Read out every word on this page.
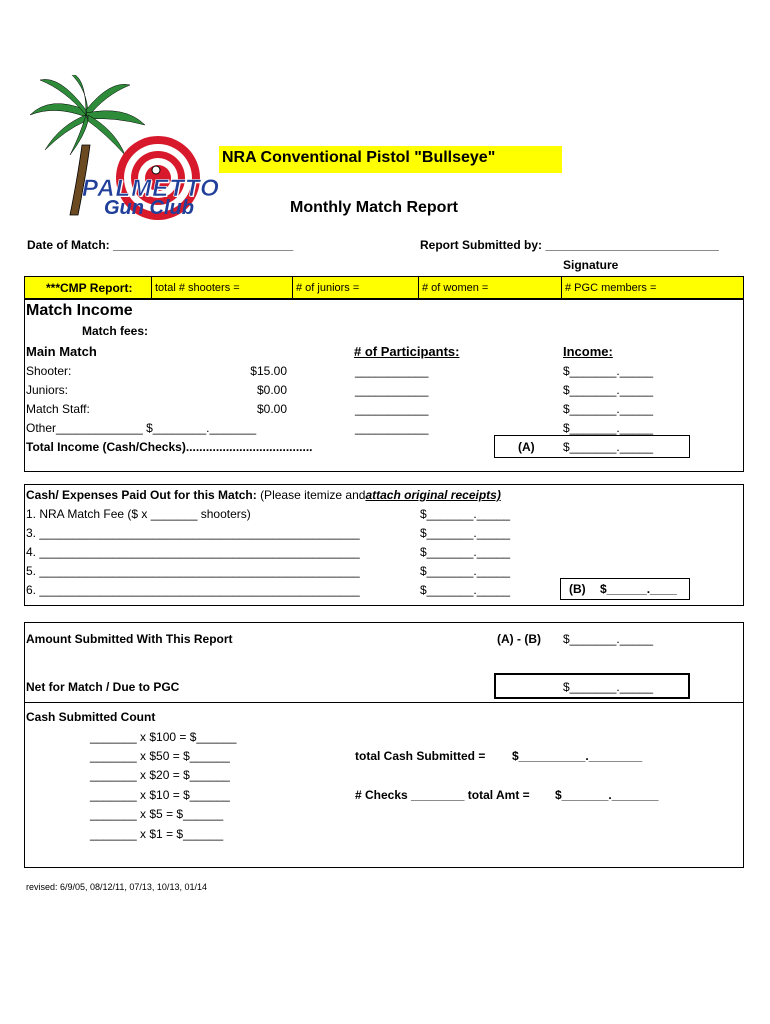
PALMETTO
Gun Club
NRA Conventional Pistol "Bullseye"
Monthly Match Report
Date of Match: ___________________________	Report Submitted by: __________________________
Signature
***CMP Report:	total # shooters =	# of juniors =	# of women =	# PGC members =
Match Income
Match fees:
Main Match	# of Participants:	Income:
Shooter:	$15.00	___________	$_______._____
Juniors:	$0.00	___________	$_______._____
Match Staff:	$0.00	___________	$_______._____
Other_____________ $________._______	___________	$_______._____
Total Income (Cash/Checks)......................................	(A) $_______._____
Cash/ Expenses Paid Out for this Match: (Please itemize andattach original receipts)
1. NRA Match Fee ($ x _______ shooters)	$_______._____
3. ________________________________________________	$_______._____
4. ________________________________________________	$_______._____
5. ________________________________________________	$_______._____
6. ________________________________________________	$_______._____	(B) $______.____
Amount Submitted With This Report	(A) - (B) $_______._____
Net for Match / Due to PGC	$_______._____
Cash Submitted Count
_______ x $100 = $______
_______ x $50 = $______
_______ x $20 = $______
_______ x $10 = $______
_______ x $5 = $______
_______ x $1 = $______
total Cash Submitted = $__________.________
# Checks ________ total Amt = $_______._______
revised: 6/9/05, 08/12/11, 07/13, 10/13, 01/14
